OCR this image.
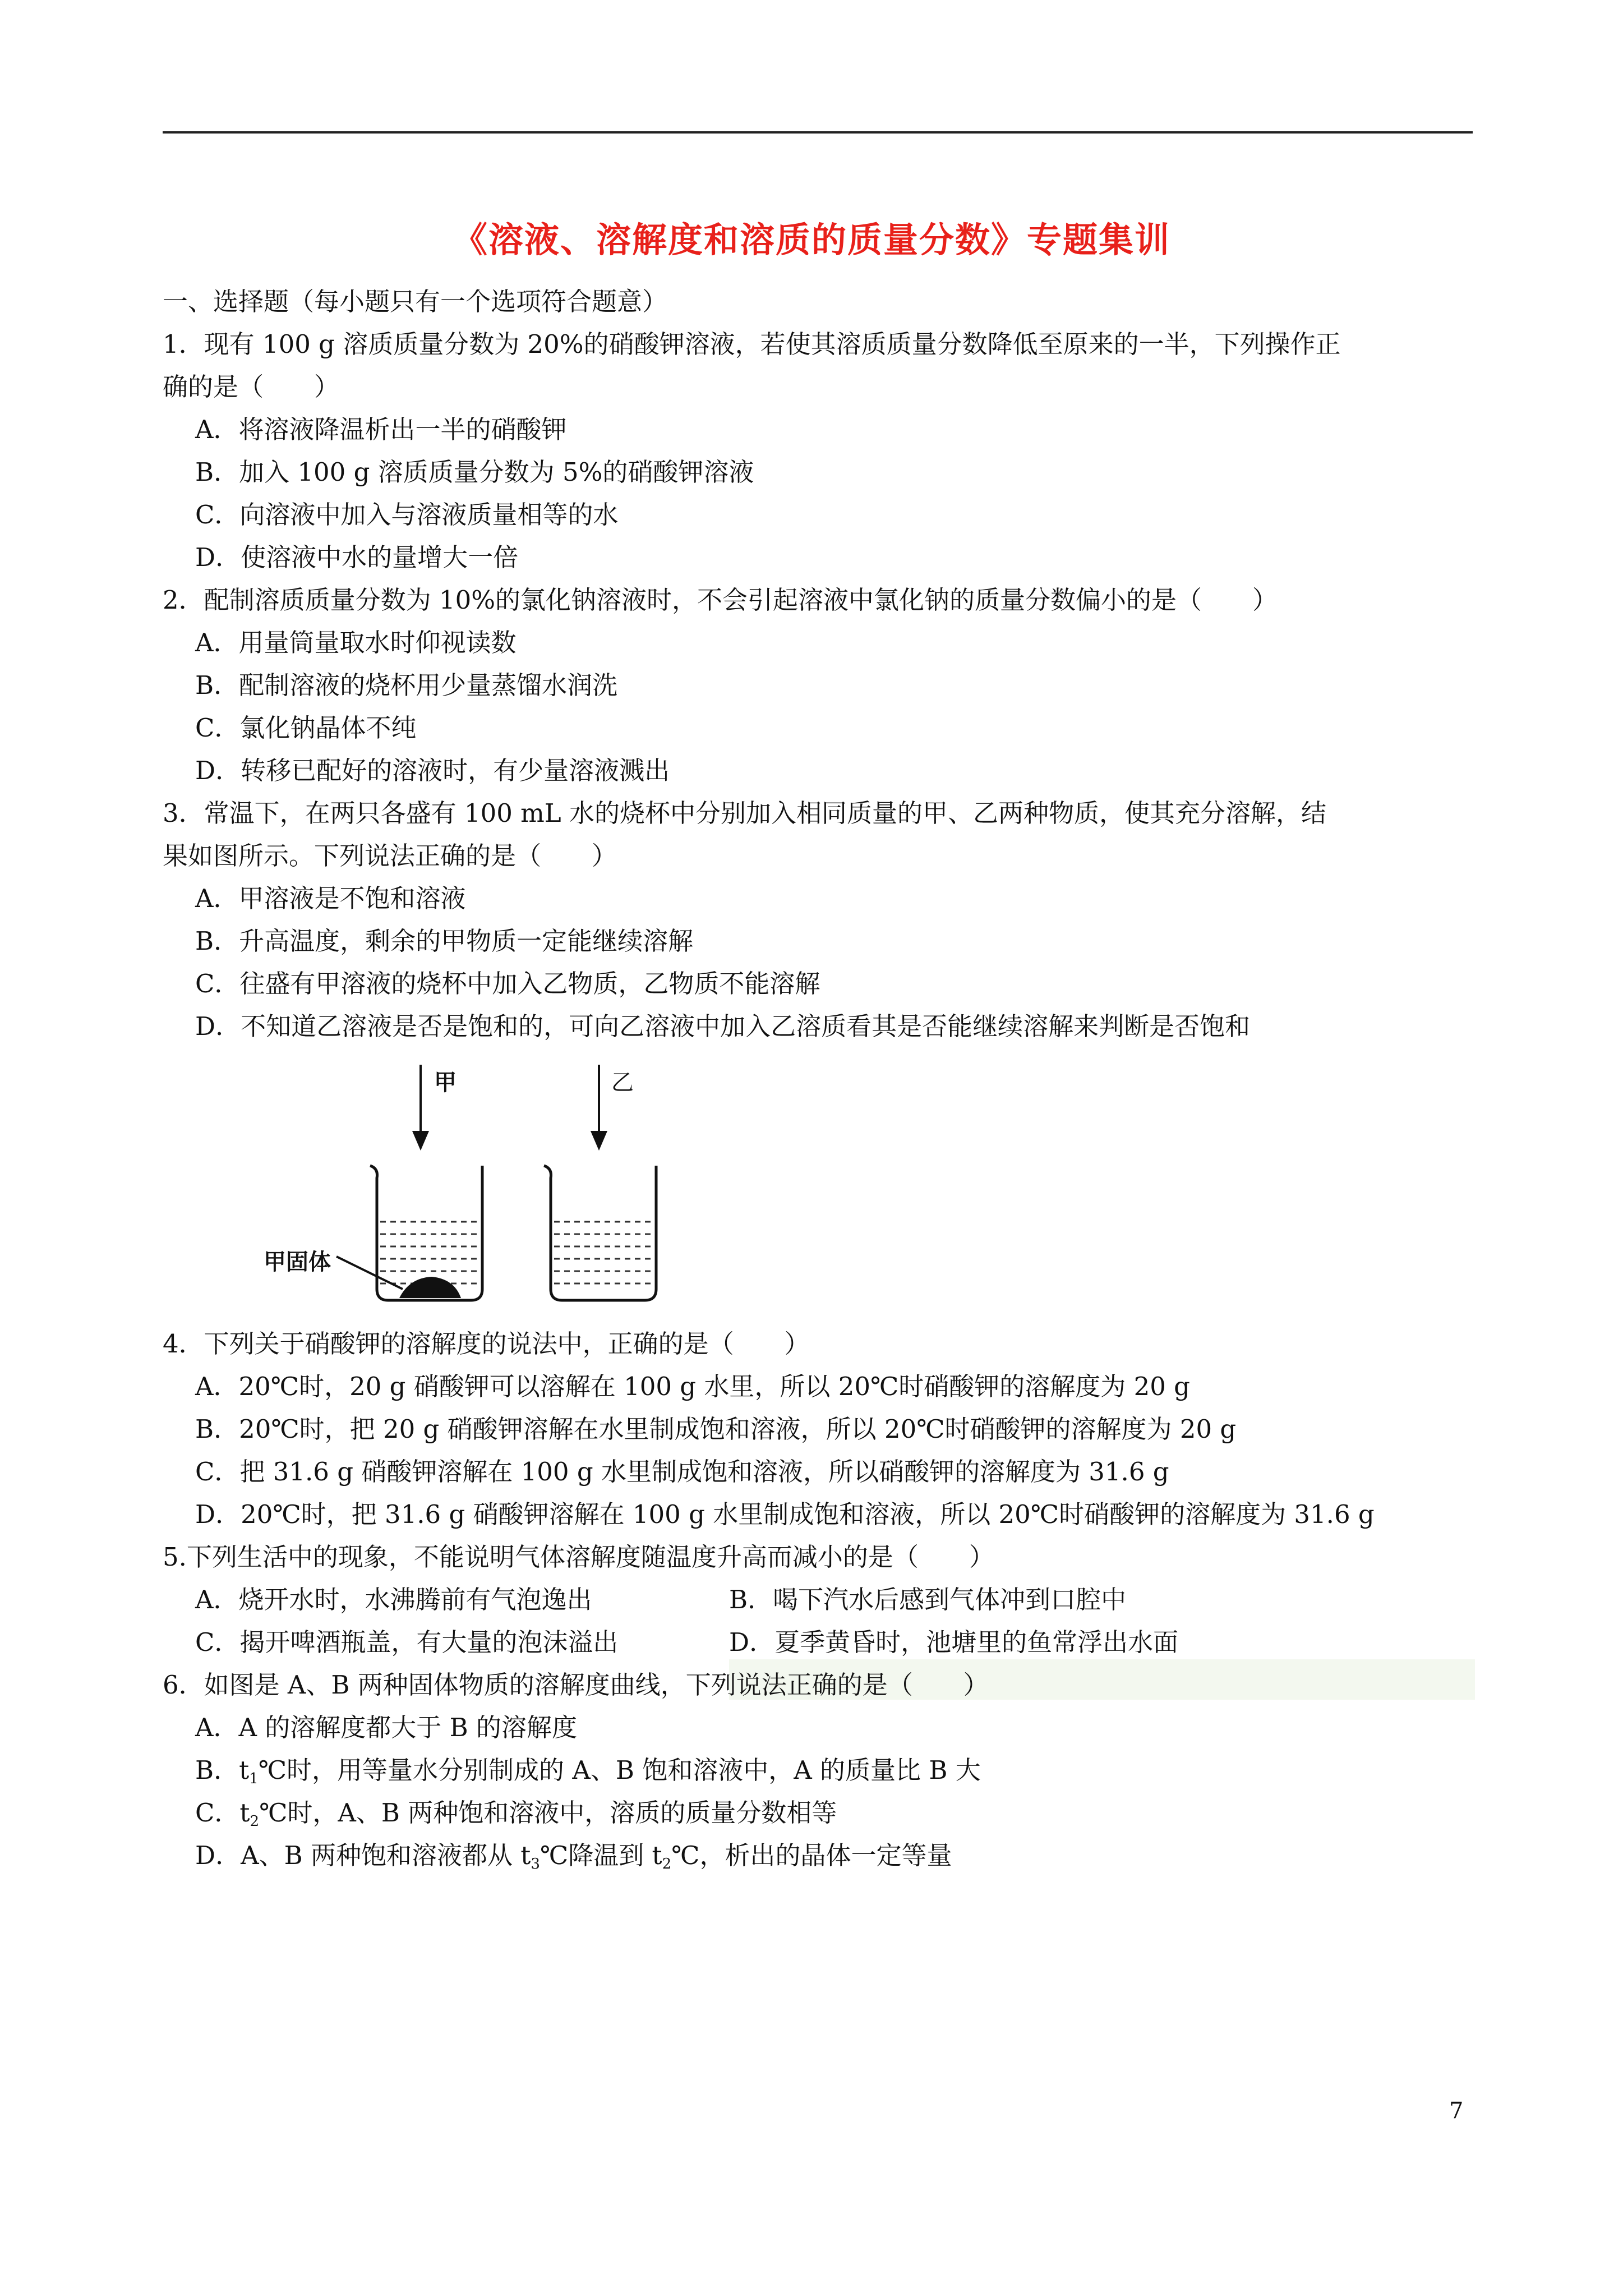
《溶液、溶解度和溶质的质量分数》专题集训
一、选择题（每小题只有一个选项符合题意）
1．现有 100 g 溶质质量分数为 20%的硝酸钾溶液，若使其溶质质量分数降低至原来的一半，下列操作正
确的是（　　）
A．将溶液降温析出一半的硝酸钾
B．加入 100 g 溶质质量分数为 5%的硝酸钾溶液
C．向溶液中加入与溶液质量相等的水
D．使溶液中水的量增大一倍
2．配制溶质质量分数为 10%的氯化钠溶液时，不会引起溶液中氯化钠的质量分数偏小的是（　　）
A．用量筒量取水时仰视读数
B．配制溶液的烧杯用少量蒸馏水润洗
C．氯化钠晶体不纯
D．转移已配好的溶液时，有少量溶液溅出
3．常温下，在两只各盛有 100 mL 水的烧杯中分别加入相同质量的甲、乙两种物质，使其充分溶解，结
果如图所示。下列说法正确的是（　　）
A．甲溶液是不饱和溶液
B．升高温度，剩余的甲物质一定能继续溶解
C．往盛有甲溶液的烧杯中加入乙物质，乙物质不能溶解
D．不知道乙溶液是否是饱和的，可向乙溶液中加入乙溶质看其是否能继续溶解来判断是否饱和
甲	乙
甲固体
4．下列关于硝酸钾的溶解度的说法中，正确的是（　　）
A．20℃时，20 g 硝酸钾可以溶解在 100 g 水里，所以 20℃时硝酸钾的溶解度为 20 g
B．20℃时，把 20 g 硝酸钾溶解在水里制成饱和溶液，所以 20℃时硝酸钾的溶解度为 20 g
C．把 31.6 g 硝酸钾溶解在 100 g 水里制成饱和溶液，所以硝酸钾的溶解度为 31.6 g
D．20℃时，把 31.6 g 硝酸钾溶解在 100 g 水里制成饱和溶液，所以 20℃时硝酸钾的溶解度为 31.6 g
5.下列生活中的现象，不能说明气体溶解度随温度升高而减小的是（　　）
A．烧开水时，水沸腾前有气泡逸出	B．喝下汽水后感到气体冲到口腔中
C．揭开啤酒瓶盖，有大量的泡沫溢出	D．夏季黄昏时，池塘里的鱼常浮出水面
6．如图是 A、B 两种固体物质的溶解度曲线，下列说法正确的是（　　）
A．A 的溶解度都大于 B 的溶解度
B．$t_1℃$时，用等量水分别制成的 A、B 饱和溶液中，A 的质量比 B 大
C．$t_2℃$时，A、B 两种饱和溶液中，溶质的质量分数相等
D．A、B 两种饱和溶液都从 $t_3℃$降温到 $t_2℃$，析出的晶体一定等量
7
